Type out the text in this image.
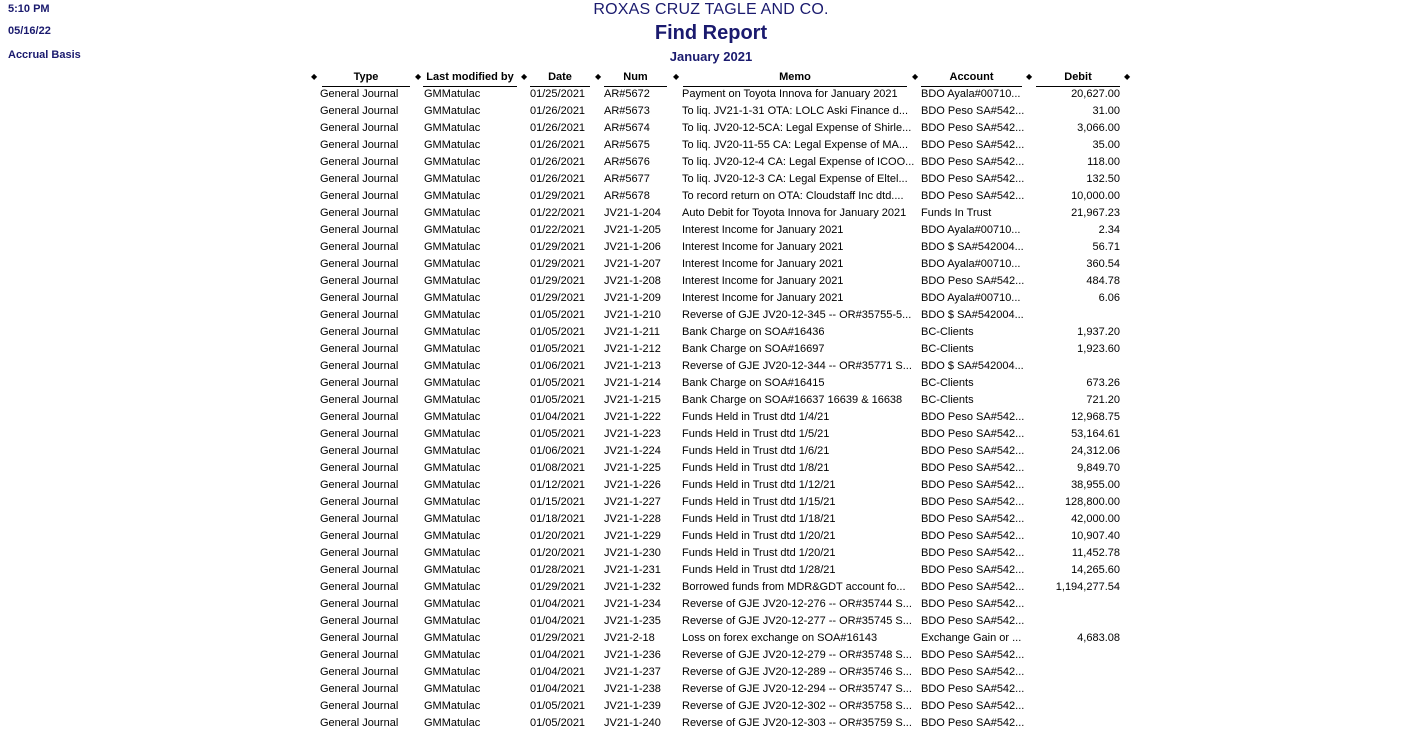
5:10 PM
05/16/22
Accrual Basis
ROXAS CRUZ TAGLE AND CO.
Find Report
January 2021
◆	◆	◆	◆	◆	◆	◆	◆
Type	Last modified by	Date	Num	Memo	Account	Debit
General Journal	GMMatulac	01/25/2021	AR#5672	Payment on Toyota Innova for January 2021	BDO Ayala#00710...	20,627.00
General Journal	GMMatulac	01/26/2021	AR#5673	To liq. JV21-1-31 OTA: LOLC Aski Finance d... BDO Peso SA#542...	31.00
General Journal	GMMatulac	01/26/2021	AR#5674	To liq. JV20-12-5CA: Legal Expense of Shirle... BDO Peso SA#542...	3,066.00
General Journal	GMMatulac	01/26/2021	AR#5675	To liq. JV20-11-55 CA: Legal Expense of MA... BDO Peso SA#542...	35.00
General Journal	GMMatulac	01/26/2021	AR#5676	To liq. JV20-12-4 CA: Legal Expense of ICOO... BDO Peso SA#542...	118.00
General Journal	GMMatulac	01/26/2021	AR#5677	To liq. JV20-12-3 CA: Legal Expense of Eltel... BDO Peso SA#542...	132.50
General Journal	GMMatulac	01/29/2021	AR#5678	To record return on OTA: Cloudstaff Inc dtd....	BDO Peso SA#542...	10,000.00
General Journal	GMMatulac	01/22/2021	JV21-1-204	Auto Debit for Toyota Innova for January 2021	Funds In Trust	21,967.23
General Journal	GMMatulac	01/22/2021	JV21-1-205	Interest Income for January 2021	BDO Ayala#00710...	2.34
General Journal	GMMatulac	01/29/2021	JV21-1-206	Interest Income for January 2021	BDO $ SA#542004...	56.71
General Journal	GMMatulac	01/29/2021	JV21-1-207	Interest Income for January 2021	BDO Ayala#00710...	360.54
General Journal	GMMatulac	01/29/2021	JV21-1-208	Interest Income for January 2021	BDO Peso SA#542...	484.78
General Journal	GMMatulac	01/29/2021	JV21-1-209	Interest Income for January 2021	BDO Ayala#00710...	6.06
General Journal	GMMatulac	01/05/2021	JV21-1-210	Reverse of GJE JV20-12-345 -- OR#35755-5... BDO $ SA#542004...
General Journal	GMMatulac	01/05/2021	JV21-1-211	Bank Charge on SOA#16436	BC-Clients	1,937.20
General Journal	GMMatulac	01/05/2021	JV21-1-212	Bank Charge on SOA#16697	BC-Clients	1,923.60
General Journal	GMMatulac	01/06/2021	JV21-1-213	Reverse of GJE JV20-12-344 -- OR#35771 S... BDO $ SA#542004...
General Journal	GMMatulac	01/05/2021	JV21-1-214	Bank Charge on SOA#16415	BC-Clients	673.26
General Journal	GMMatulac	01/05/2021	JV21-1-215	Bank Charge on SOA#16637 16639 & 16638	BC-Clients	721.20
General Journal	GMMatulac	01/04/2021	JV21-1-222	Funds Held in Trust dtd 1/4/21	BDO Peso SA#542...	12,968.75
General Journal	GMMatulac	01/05/2021	JV21-1-223	Funds Held in Trust dtd 1/5/21	BDO Peso SA#542...	53,164.61
General Journal	GMMatulac	01/06/2021	JV21-1-224	Funds Held in Trust dtd 1/6/21	BDO Peso SA#542...	24,312.06
General Journal	GMMatulac	01/08/2021	JV21-1-225	Funds Held in Trust dtd 1/8/21	BDO Peso SA#542...	9,849.70
General Journal	GMMatulac	01/12/2021	JV21-1-226	Funds Held in Trust dtd 1/12/21	BDO Peso SA#542...	38,955.00
General Journal	GMMatulac	01/15/2021	JV21-1-227	Funds Held in Trust dtd 1/15/21	BDO Peso SA#542...	128,800.00
General Journal	GMMatulac	01/18/2021	JV21-1-228	Funds Held in Trust dtd 1/18/21	BDO Peso SA#542...	42,000.00
General Journal	GMMatulac	01/20/2021	JV21-1-229	Funds Held in Trust dtd 1/20/21	BDO Peso SA#542...	10,907.40
General Journal	GMMatulac	01/20/2021	JV21-1-230	Funds Held in Trust dtd 1/20/21	BDO Peso SA#542...	11,452.78
General Journal	GMMatulac	01/28/2021	JV21-1-231	Funds Held in Trust dtd 1/28/21	BDO Peso SA#542...	14,265.60
General Journal	GMMatulac	01/29/2021	JV21-1-232	Borrowed funds from MDR&GDT account fo...	BDO Peso SA#542...	1,194,277.54
General Journal	GMMatulac	01/04/2021	JV21-1-234	Reverse of GJE JV20-12-276 -- OR#35744 S... BDO Peso SA#542...
General Journal	GMMatulac	01/04/2021	JV21-1-235	Reverse of GJE JV20-12-277 -- OR#35745 S... BDO Peso SA#542...
General Journal	GMMatulac	01/29/2021	JV21-2-18	Loss on forex exchange on SOA#16143	Exchange Gain or ...	4,683.08
General Journal	GMMatulac	01/04/2021	JV21-1-236	Reverse of GJE JV20-12-279 -- OR#35748 S... BDO Peso SA#542...
General Journal	GMMatulac	01/04/2021	JV21-1-237	Reverse of GJE JV20-12-289 -- OR#35746 S... BDO Peso SA#542...
General Journal	GMMatulac	01/04/2021	JV21-1-238	Reverse of GJE JV20-12-294 -- OR#35747 S... BDO Peso SA#542...
General Journal	GMMatulac	01/05/2021	JV21-1-239	Reverse of GJE JV20-12-302 -- OR#35758 S... BDO Peso SA#542...
General Journal	GMMatulac	01/05/2021	JV21-1-240	Reverse of GJE JV20-12-303 -- OR#35759 S... BDO Peso SA#542...
